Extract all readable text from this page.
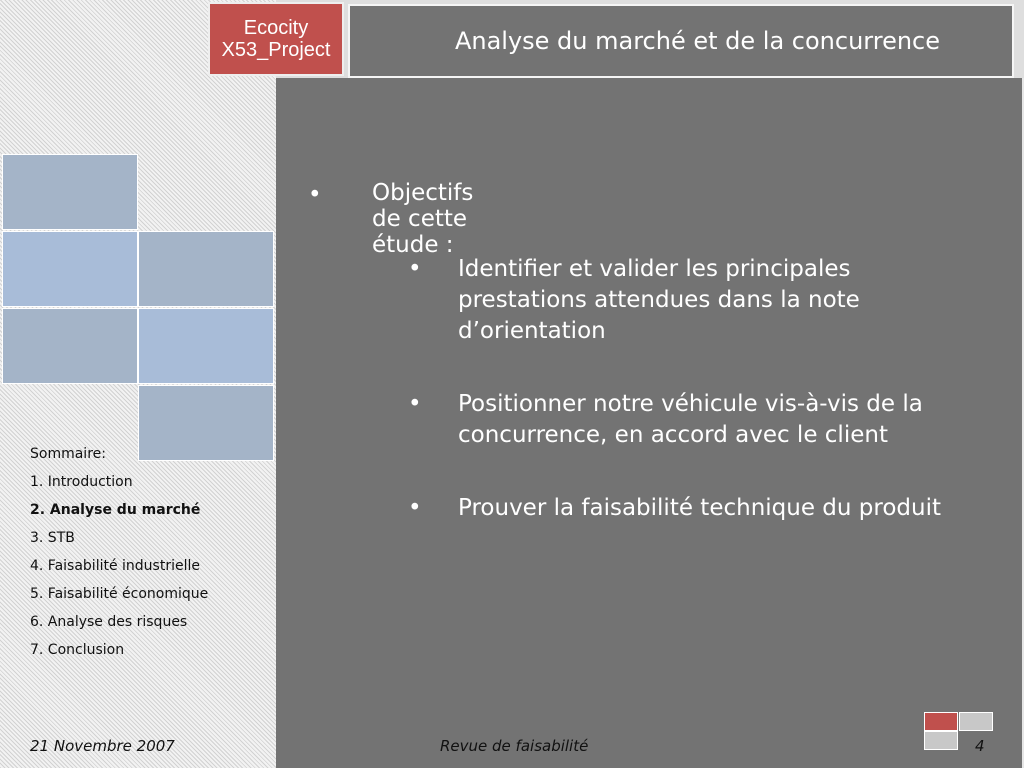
Ecocity
X53_Project	Analyse du marché et de la concurrence
Sommaire:
1. Introduction
2. Analyse du marché
3. STB
4. Faisabilité industrielle
5. Faisabilité économique
6. Analyse des risques
7. Conclusion
• Objectifs de cette étude :
• Identifier et valider les principales prestations attendues dans la note d’orientation
• Positionner notre véhicule vis-à-vis de la concurrence, en accord avec le client
• Prouver la faisabilité technique du produit
21 Novembre 2007	Revue de faisabilité	4
